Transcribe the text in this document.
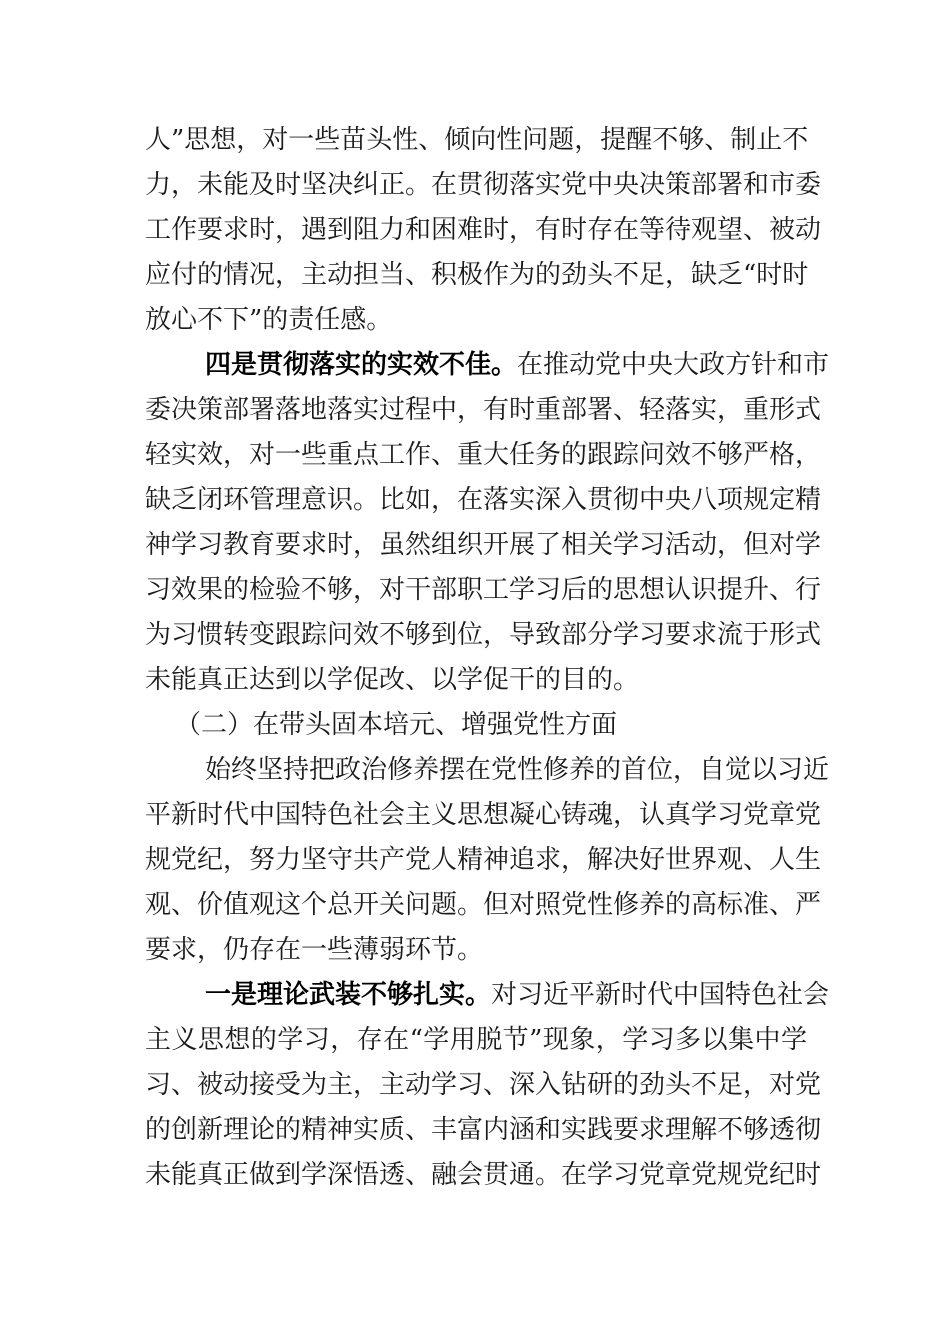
人”思想，对一些苗头性、倾向性问题，提醒不够、制止不
力，未能及时坚决纠正。在贯彻落实党中央决策部署和市委
工作要求时，遇到阻力和困难时，有时存在等待观望、被动
应付的情况，主动担当、积极作为的劲头不足，缺乏“时时
放心不下”的责任感。
四是贯彻落实的实效不佳。在推动党中央大政方针和市
委决策部署落地落实过程中，有时重部署、轻落实，重形式
轻实效，对一些重点工作、重大任务的跟踪问效不够严格，
缺乏闭环管理意识。比如，在落实深入贯彻中央八项规定精
神学习教育要求时，虽然组织开展了相关学习活动，但对学
习效果的检验不够，对干部职工学习后的思想认识提升、行
为习惯转变跟踪问效不够到位，导致部分学习要求流于形式
未能真正达到以学促改、以学促干的目的。
（二）在带头固本培元、增强党性方面
始终坚持把政治修养摆在党性修养的首位，自觉以习近
平新时代中国特色社会主义思想凝心铸魂，认真学习党章党
规党纪，努力坚守共产党人精神追求，解决好世界观、人生
观、价值观这个总开关问题。但对照党性修养的高标准、严
要求，仍存在一些薄弱环节。
一是理论武装不够扎实。对习近平新时代中国特色社会
主义思想的学习，存在“学用脱节”现象，学习多以集中学
习、被动接受为主，主动学习、深入钻研的劲头不足，对党
的创新理论的精神实质、丰富内涵和实践要求理解不够透彻
未能真正做到学深悟透、融会贯通。在学习党章党规党纪时
